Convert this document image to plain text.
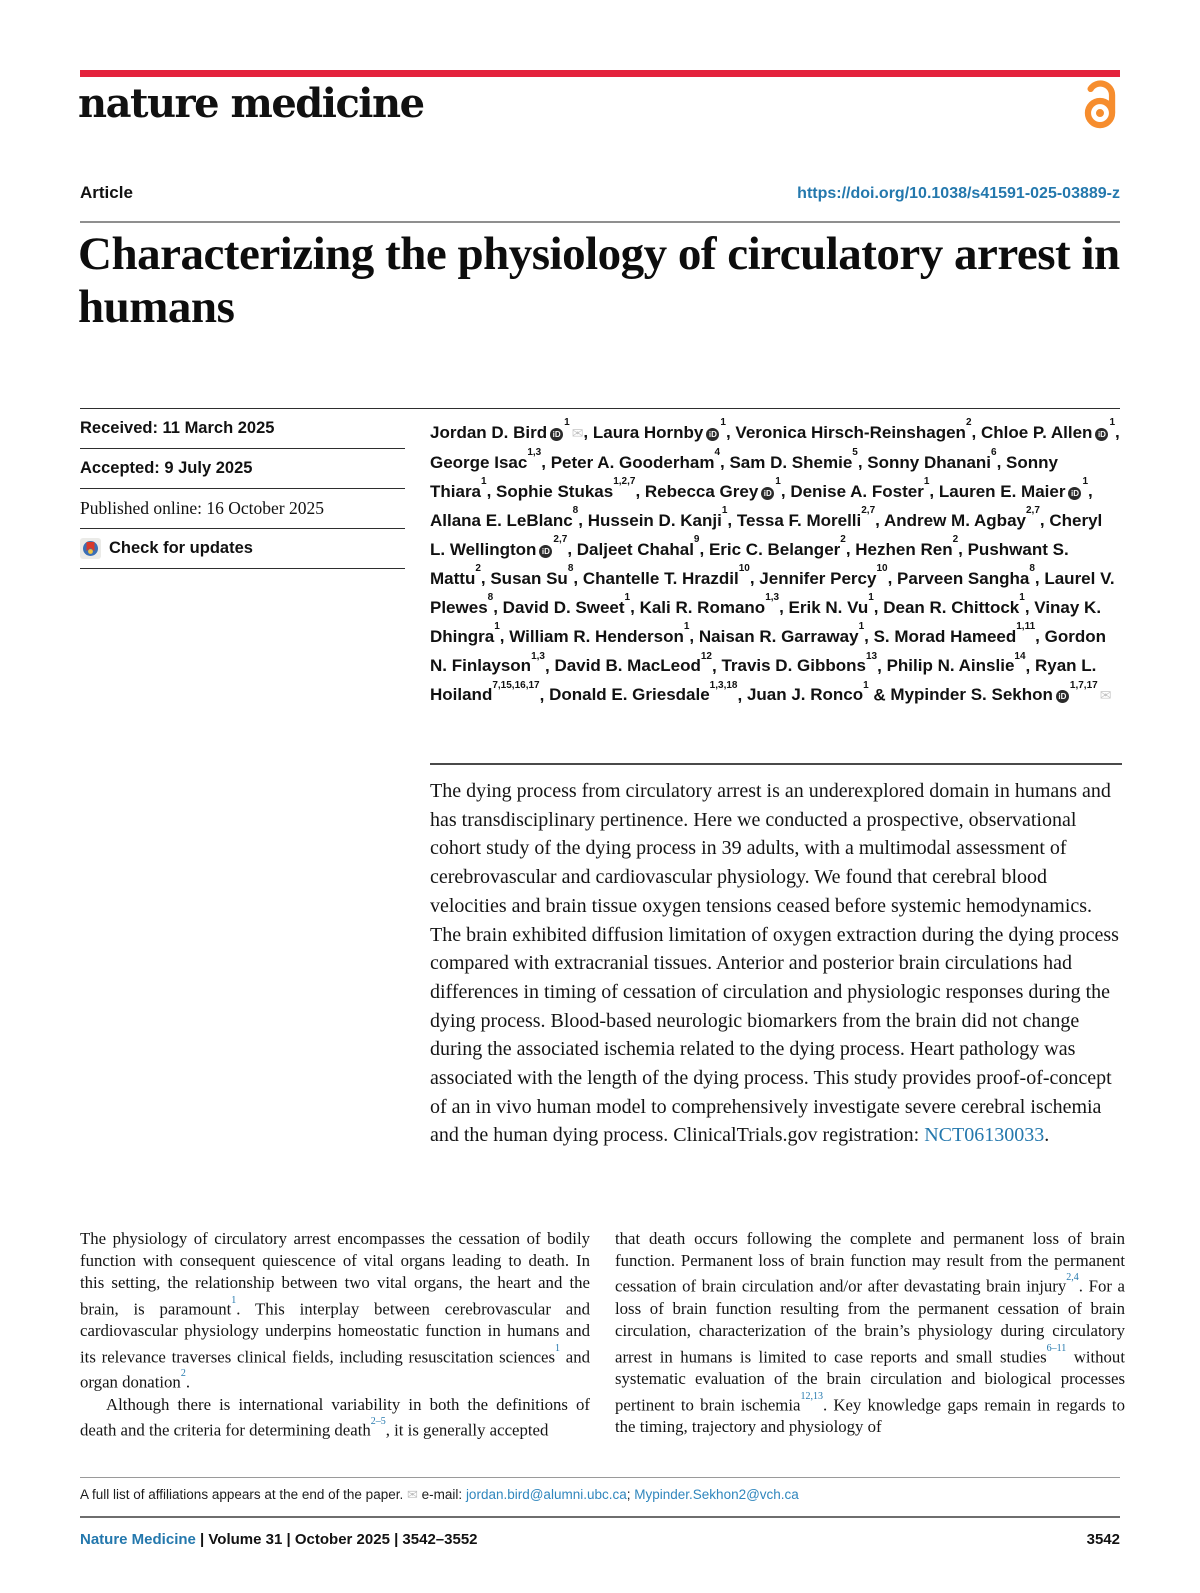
nature medicine
Article	https://doi.org/10.1038/s41591-025-03889-z
Characterizing the physiology of circulatory arrest in humans
Received: 11 March 2025
Accepted: 9 July 2025
Published online: 16 October 2025
Check for updates
Jordan D. Bird $iD^1✉$, Laura Hornby $iD^1$, Veronica Hirsch-Reinshagen$^2$, Chloe P. Allen $iD^1$, George Isac$^{1,3}$, Peter A. Gooderham$^4$, Sam D. Shemie$^5$, Sonny Dhanani$^6$, Sonny Thiara$^1$, Sophie Stukas$^{1,2,7}$, Rebecca Grey $iD^1$, Denise A. Foster$^1$, Lauren E. Maier $iD^1$, Allana E. LeBlanc$^8$, Hussein D. Kanji$^1$, Tessa F. Morelli$^{2,7}$, Andrew M. Agbay$^{2,7}$, Cheryl L. Wellington iD$^{2,7}$, Daljeet Chahal$^9$, Eric C. Belanger$^2$, Hezhen Ren$^2$, Pushwant S. Mattu$^2$, Susan Su$^8$, Chantelle T. Hrazdil$^{10}$, Jennifer Percy$^{10}$, Parveen Sangha$^8$, Laurel V. Plewes$^8$, David D. Sweet$^1$, Kali R. Romano$^{1,3}$, Erik N. Vu$^1$, Dean R. Chittock$^1$, Vinay K. Dhingra$^1$, William R. Henderson$^1$, Naisan R. Garraway$^1$, S. Morad Hameed$^{1,11}$, Gordon N. Finlayson$^{1,3}$, David B. MacLeod$^{12}$, Travis D. Gibbons$^{13}$, Philip N. Ainslie$^{14}$, Ryan L. Hoiland$^{7,15,16,17}$, Donald E. Griesdale$^{1,3,18}$, Juan J. Ronco$^1$ & Mypinder S. Sekhon iD$^{1,7,17}$✉
The dying process from circulatory arrest is an underexplored domain in humans and has transdisciplinary pertinence. Here we conducted a prospective, observational cohort study of the dying process in 39 adults, with a multimodal assessment of cerebrovascular and cardiovascular physiology. We found that cerebral blood velocities and brain tissue oxygen tensions ceased before systemic hemodynamics. The brain exhibited diffusion limitation of oxygen extraction during the dying process compared with extracranial tissues. Anterior and posterior brain circulations had differences in timing of cessation of circulation and physiologic responses during the dying process. Blood-based neurologic biomarkers from the brain did not change during the associated ischemia related to the dying process. Heart pathology was associated with the length of the dying process. This study provides proof-of-concept of an in vivo human model to comprehensively investigate severe cerebral ischemia and the human dying process. ClinicalTrials.gov registration: NCT06130033.

The physiology of circulatory arrest encompasses the cessation of bodily function with consequent quiescence of vital organs leading to death. In this setting, the relationship between two vital organs, the heart and the brain, is paramount$^1$. This interplay between cerebrovascular and cardiovascular physiology underpins homeostatic function in humans and its relevance traverses clinical fields, including resuscitation sciences$^1$ and organ donation$^2$.

Although there is international variability in both the definitions of death and the criteria for determining death$^{2-5}$, it is generally accepted

that death occurs following the complete and permanent loss of brain function. Permanent loss of brain function may result from the permanent cessation of brain circulation and/or after devastating brain injury$^{2,4}$. For a loss of brain function resulting from the permanent cessation of brain circulation, characterization of the brain’s physiology during circulatory arrest in humans is limited to case reports and small studies$^{6-11}$ without systematic evaluation of the brain circulation and biological processes pertinent to brain ischemia$^{12,13}$. Key knowledge gaps remain in regards to the timing, trajectory and physiology of

A full list of affiliations appears at the end of the paper. ✉ e-mail: jordan.bird@alumni.ubc.ca; Mypinder.Sekhon2@vch.ca
Nature Medicine | Volume 31 | October 2025 | 3542–3552	3542
